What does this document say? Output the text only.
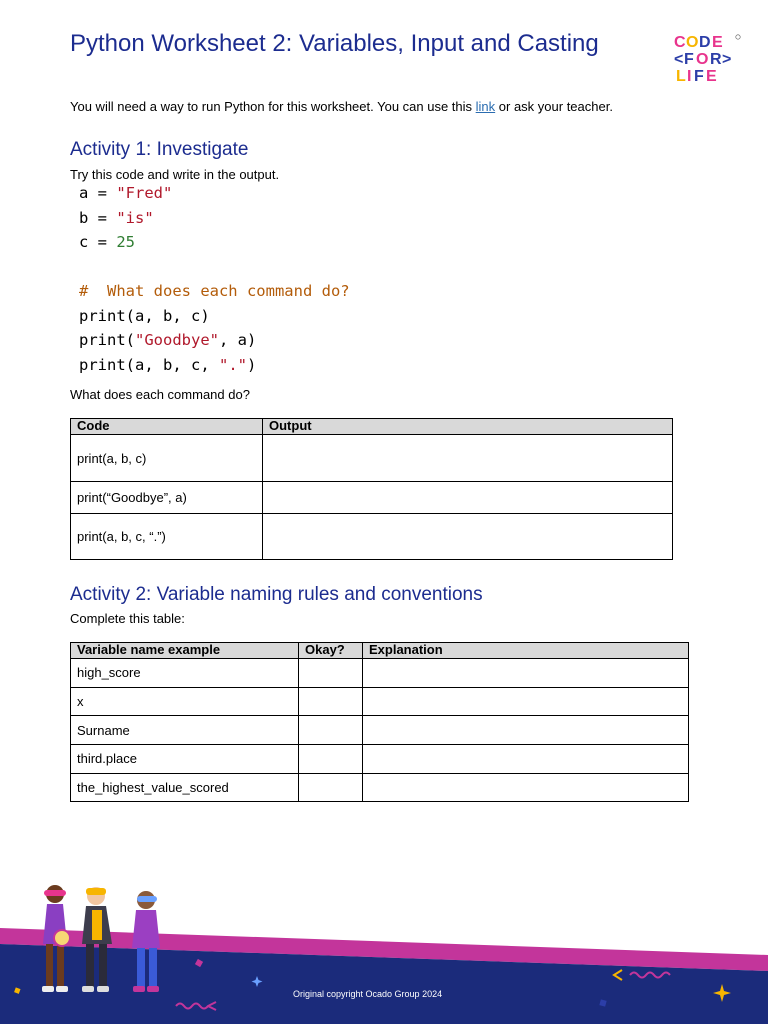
Python Worksheet 2: Variables, Input and Casting	C O D E
< F O R >
L I F E
You will need a way to run Python for this worksheet. You can use this link or ask your teacher.
Activity 1: Investigate
Try this code and write in the output.
a = "Fred"
b = "is"
c = 25
#  What does each command do?
print(a, b, c)
print("Goodbye", a)
print(a, b, c, ".")
What does each command do?
Code	Output
print(a, b, c)	
print(“Goodbye”, a)	
print(a, b, c, “.”)	
Activity 2: Variable naming rules and conventions
Complete this table:
Variable name example	Okay?	Explanation
high_score		
x		
Surname		
third.place		
the_highest_value_scored		
Original copyright Ocado Group 2024
